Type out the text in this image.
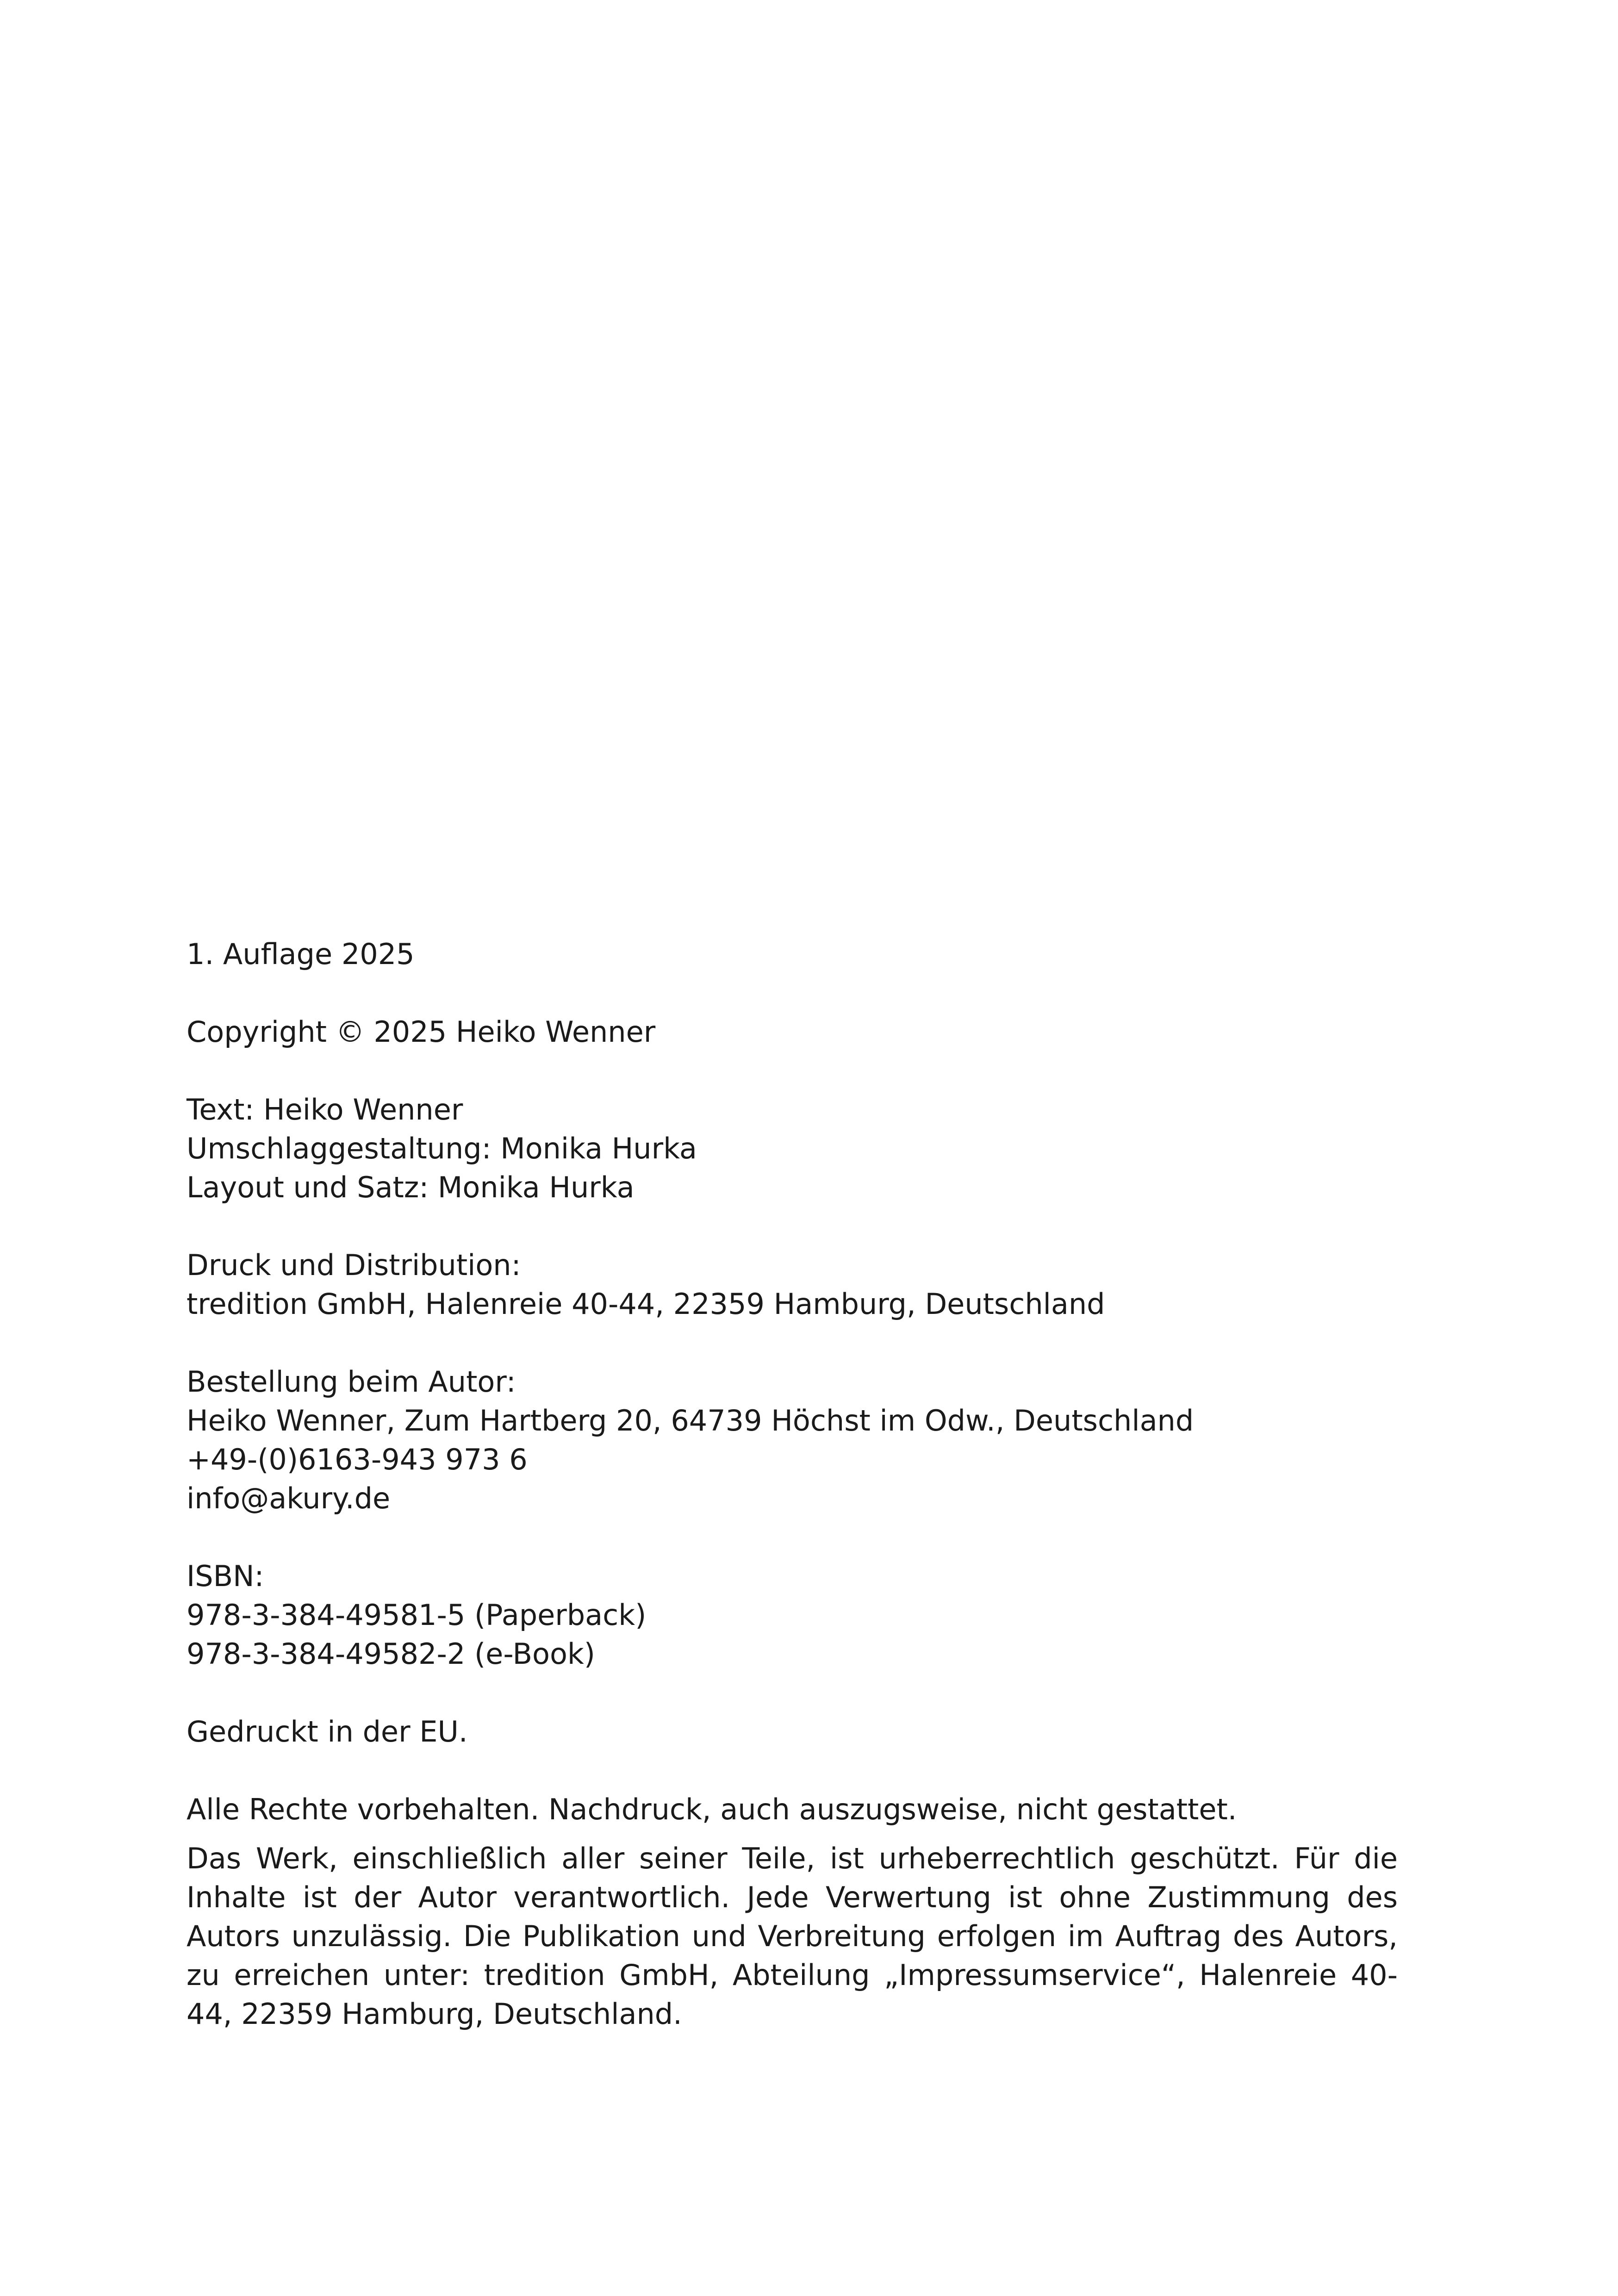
1. Auflage 2025

Copyright © 2025 Heiko Wenner

Text: Heiko Wenner
Umschlaggestaltung: Monika Hurka
Layout und Satz: Monika Hurka

Druck und Distribution:
tredition GmbH, Halenreie 40-44, 22359 Hamburg, Deutschland

Bestellung beim Autor:
Heiko Wenner, Zum Hartberg 20, 64739 Höchst im Odw., Deutschland
+49-(0)6163-943 973 6
info@akury.de

ISBN:
978-3-384-49581-5 (Paperback)
978-3-384-49582-2 (e-Book)

Gedruckt in der EU.

Alle Rechte vorbehalten. Nachdruck, auch auszugsweise, nicht gestattet.

Das Werk, einschließlich aller seiner Teile, ist urheberrechtlich geschützt. Für die Inhalte ist der Autor verantwortlich. Jede Verwertung ist ohne Zustimmung des Autors unzulässig. Die Publikation und Verbreitung erfolgen im Auftrag des Autors, zu erreichen unter: tredition GmbH, Abteilung „Impressumservice“, Halenreie 40-44, 22359 Hamburg, Deutschland.
